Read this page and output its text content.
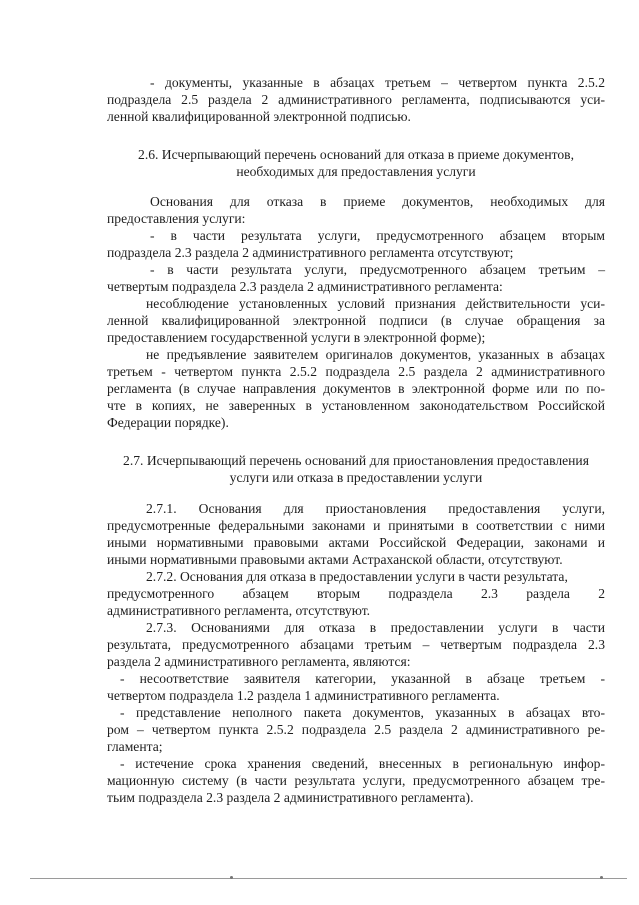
- документы, указанные в абзацах третьем – четвертом пункта 2.5.2
подраздела 2.5 раздела 2 административного регламента, подписываются уси-
ленной квалифицированной электронной подписью.
2.6. Исчерпывающий перечень оснований для отказа в приеме документов,
необходимых для предоставления услуги
Основания для отказа в приеме документов, необходимых для
предоставления услуги:
- в части результата услуги, предусмотренного абзацем вторым
подраздела 2.3 раздела 2 административного регламента отсутствуют;
- в части результата услуги, предусмотренного абзацем третьим –
четвертым подраздела 2.3 раздела 2 административного регламента:
несоблюдение установленных условий признания действительности уси-
ленной квалифицированной электронной подписи (в случае обращения за
предоставлением государственной услуги в электронной форме);
не предъявление заявителем оригиналов документов, указанных в абзацах
третьем - четвертом пункта 2.5.2 подраздела 2.5 раздела 2 административного
регламента (в случае направления документов в электронной форме или по по-
чте в копиях, не заверенных в установленном законодательством Российской
Федерации порядке).
2.7. Исчерпывающий перечень оснований для приостановления предоставления
услуги или отказа в предоставлении услуги
2.7.1. Основания для приостановления предоставления услуги,
предусмотренные федеральными законами и принятыми в соответствии с ними
иными нормативными правовыми актами Российской Федерации, законами и
иными нормативными правовыми актами Астраханской области, отсутствуют.
2.7.2. Основания для отказа в предоставлении услуги в части результата,
предусмотренного абзацем вторым подраздела 2.3 раздела 2
административного регламента, отсутствуют.
2.7.3. Основаниями для отказа в предоставлении услуги в части
результата, предусмотренного абзацами третьим – четвертым подраздела 2.3
раздела 2 административного регламента, являются:
- несоответствие заявителя категории, указанной в абзаце третьем -
четвертом подраздела 1.2 раздела 1 административного регламента.
- представление неполного пакета документов, указанных в абзацах вто-
ром – четвертом пункта 2.5.2 подраздела 2.5 раздела 2 административного ре-
гламента;
- истечение срока хранения сведений, внесенных в региональную инфор-
мационную систему (в части результата услуги, предусмотренного абзацем тре-
тьим подраздела 2.3 раздела 2 административного регламента).
